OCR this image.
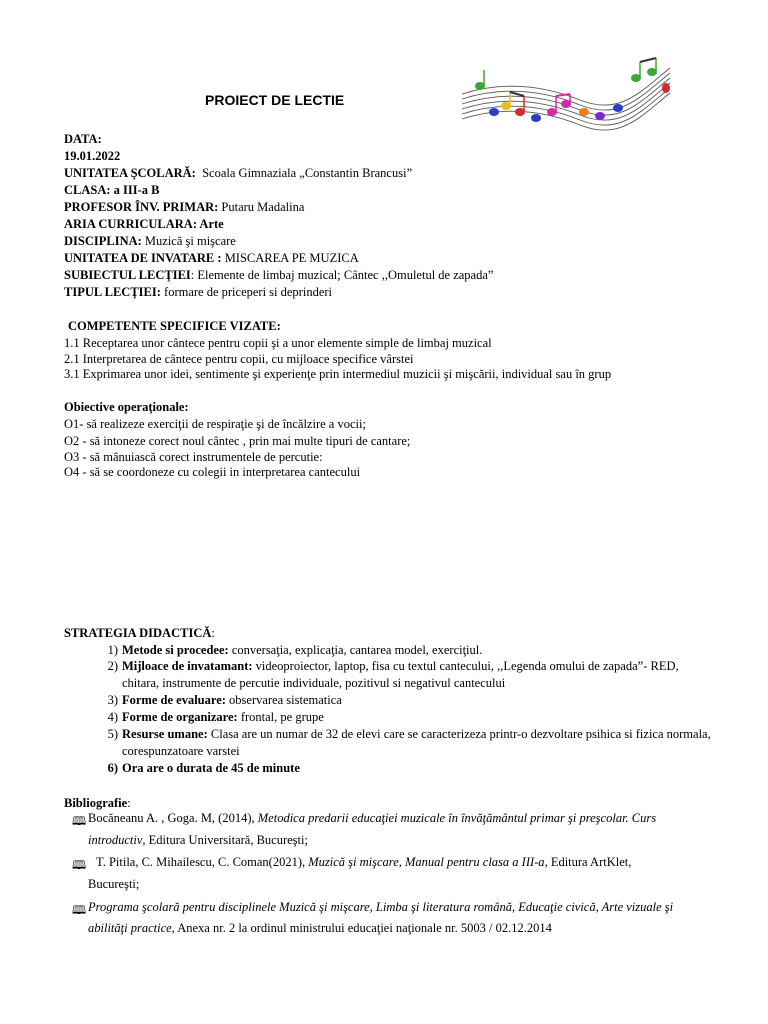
PROIECT DE LECTIE
DATA:
19.01.2022
UNITATEA ŞCOLARĂ: Scoala Gimnaziala „Constantin Brancusi”
CLASA: a III-a B
PROFESOR ÎNV. PRIMAR: Putaru Madalina
ARIA CURRICULARA: Arte
DISCIPLINA: Muzică şi mişcare
UNITATEA DE INVATARE : MISCAREA PE MUZICA
SUBIECTUL LECŢIEI: Elemente de limbaj muzical; Cântec ,,Omuletul de zapada”
TIPUL LECŢIEI: formare de priceperi si deprinderi
COMPETENTE SPECIFICE VIZATE:
1.1 Receptarea unor cântece pentru copii şi a unor elemente simple de limbaj muzical
2.1 Interpretarea de cântece pentru copii, cu mijloace specifice vârstei
3.1 Exprimarea unor idei, sentimente şi experienţe prin intermediul muzicii şi mişcării, individual sau în grup
Obiective operaţionale:
O1- să realizeze exerciţii de respiraţie şi de încălzire a vocii;
O2 - să intoneze corect noul cântec , prin mai multe tipuri de cantare;
O3 - să mânuiască corect instrumentele de percutie:
O4 - să se coordoneze cu colegii in interpretarea cantecului
STRATEGIA DIDACTICĂ:
1) Metode si procedee: conversaţia, explicaţia, cantarea model, exerciţiul.
2) Mijloace de invatamant: videoproiector, laptop, fisa cu textul cantecului, ,,Legenda omului de zapada”- RED,
chitara, instrumente de percutie individuale, pozitivul si negativul cantecului
3) Forme de evaluare: observarea sistematica
4) Forme de organizare: frontal, pe grupe
5) Resurse umane: Clasa are un numar de 32 de elevi care se caracterizeza printr-o dezvoltare psihica si fizica normala,
corespunzatoare varstei
6) Ora are o durata de 45 de minute
Bibliografie:
🕮 Bocăneanu A. , Goga. M, (2014), Metodica predarii educaţiei muzicale în învăţământul primar şi preşcolar. Curs
introductiv, Editura Universitară, Bucureşti;
🕮 T. Pitila, C. Mihailescu, C. Coman(2021), Muzică şi mişcare, Manual pentru clasa a III-a, Editura ArtKlet,
Bucureşti;
🕮 Programa şcolară pentru disciplinele Muzică şi mişcare, Limba şi literatura română, Educaţie civică, Arte vizuale şi
abilităţi practice, Anexa nr. 2 la ordinul ministrului educaţiei naţionale nr. 5003 / 02.12.2014
